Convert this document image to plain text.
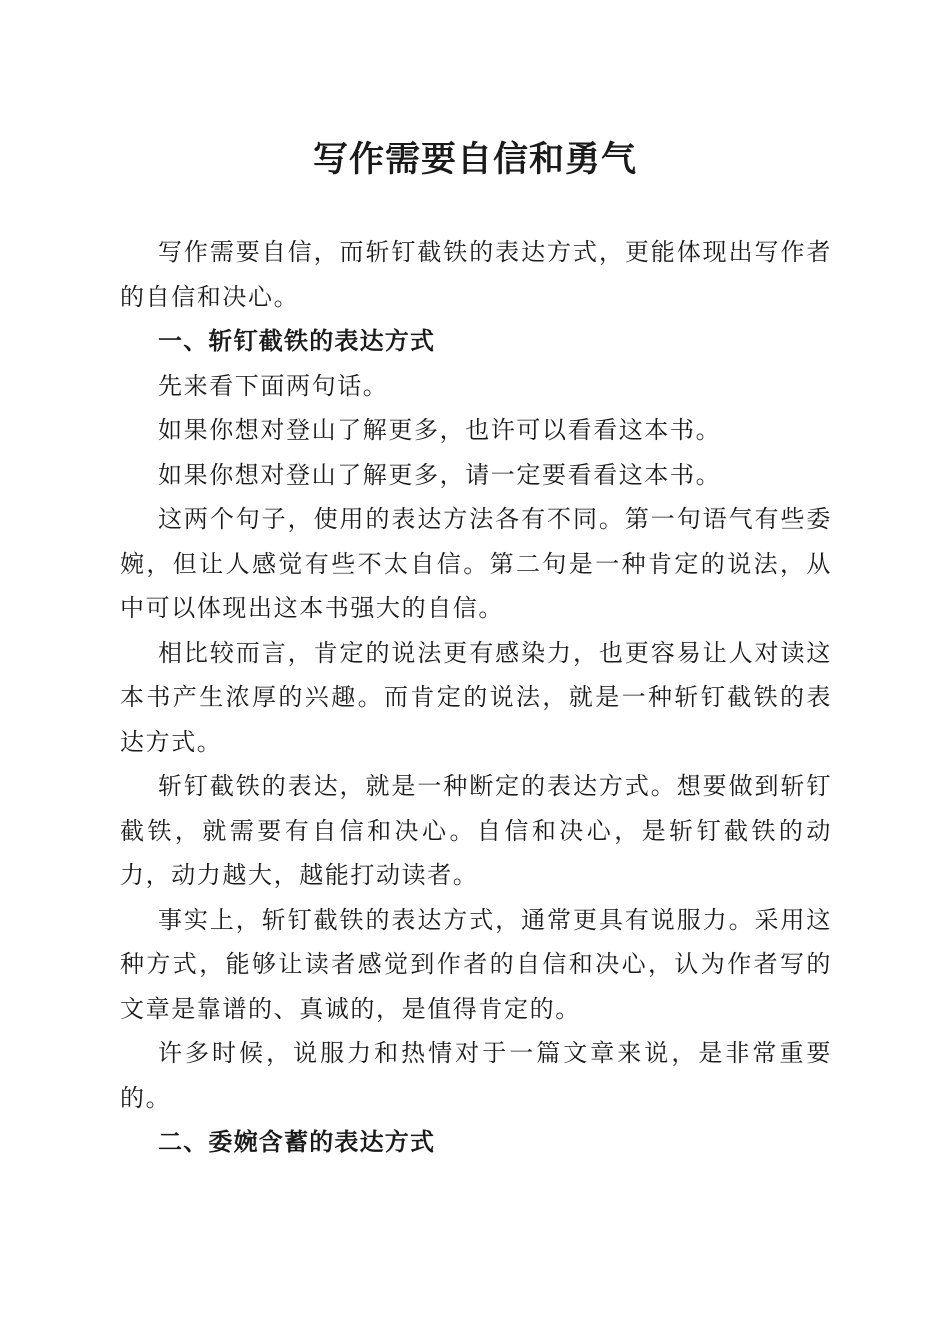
写作需要自信和勇气

写作需要自信，而斩钉截铁的表达方式，更能体现出写作者的自信和决心。

一、斩钉截铁的表达方式

先来看下面两句话。

如果你想对登山了解更多，也许可以看看这本书。

如果你想对登山了解更多，请一定要看看这本书。

这两个句子，使用的表达方法各有不同。第一句语气有些委婉，但让人感觉有些不太自信。第二句是一种肯定的说法，从中可以体现出这本书强大的自信。

相比较而言，肯定的说法更有感染力，也更容易让人对读这本书产生浓厚的兴趣。而肯定的说法，就是一种斩钉截铁的表达方式。

斩钉截铁的表达，就是一种断定的表达方式。想要做到斩钉截铁，就需要有自信和决心。自信和决心，是斩钉截铁的动力，动力越大，越能打动读者。

事实上，斩钉截铁的表达方式，通常更具有说服力。采用这种方式，能够让读者感觉到作者的自信和决心，认为作者写的文章是靠谱的、真诚的，是值得肯定的。

许多时候，说服力和热情对于一篇文章来说，是非常重要的。

二、委婉含蓄的表达方式
